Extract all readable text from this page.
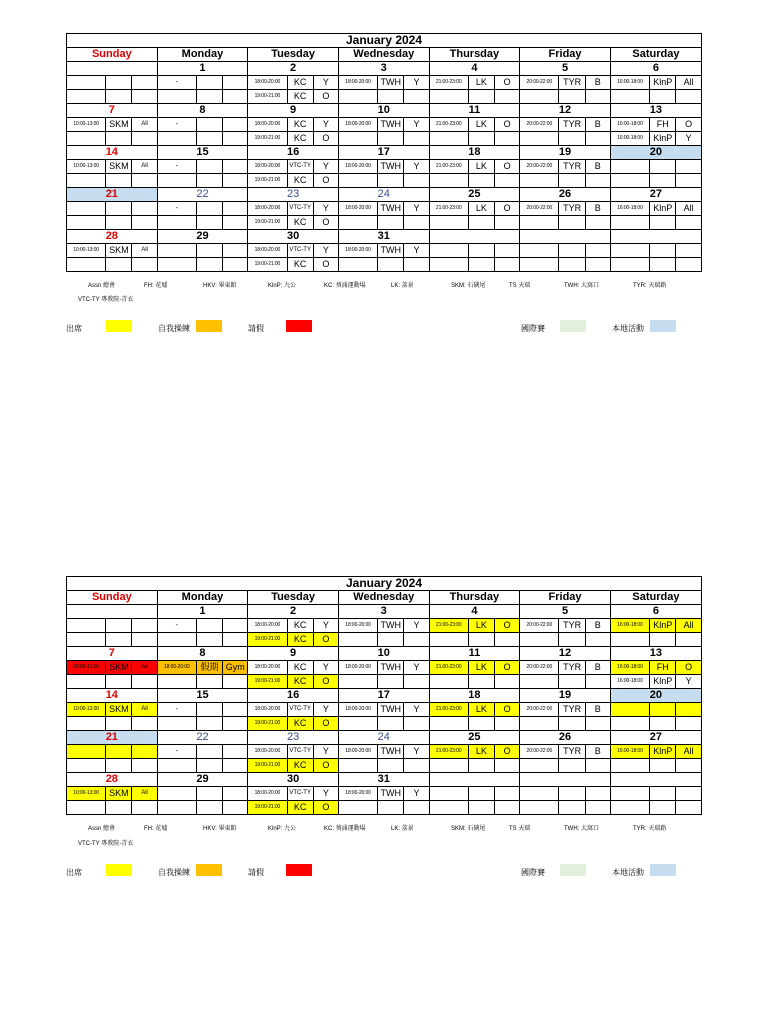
January 2024																				
Sunday			Monday			Tuesday			Wednesday			Thursday			Friday			Saturday		
			1			2			3			4			5			6		
			-			18:00-20:00	KC	Y	18:00-20:00	TWH	Y	21:00-23:00	LK	O	20:00-22:00	TYR	B	16:00-18:00	KlnP	All
						19:00-21:00	KC	O												
7			8			9			10			11			12			13		
10:00-13:00	SKM	All	-			18:00-20:00	KC	Y	18:00-20:00	TWH	Y	21:00-23:00	LK	O	20:00-22:00	TYR	B	16:00-18:00	FH	O
						19:00-21:00	KC	O										16:00-18:00	KlnP	Y
14			15			16			17			18			19			20		
10:00-13:00	SKM	All	-			18:00-20:00	VTC-TY	Y	18:00-20:00	TWH	Y	21:00-23:00	LK	O	20:00-22:00	TYR	B			
						19:00-21:00	KC	O												
21			22			23			24			25			26			27		
			-			18:00-20:00	VTC-TY	Y	18:00-20:00	TWH	Y	21:00-23:00	LK	O	20:00-22:00	TYR	B	16:00-18:00	KlnP	All
						19:00-21:00	KC	O												
28			29			30			31											
10:00-13:00	SKM	All				18:00-20:00	VTC-TY	Y	18:00-20:00	TWH	Y									
						19:00-21:00	KC	O												
Assn 總會	FH: 花墟	HKV: 畢東館	KlnP: 九公	KC: 葵涌運動場	LK: 荔景	SKM: 石硤尾	TS 天瑞	TWH: 大窩口	TYR: 天瑞路
VTC-TY 專教院-青衣
出席	自我操練	請假	國際賽	本地活動
January 2024																				
Sunday			Monday			Tuesday			Wednesday			Thursday			Friday			Saturday		
			1			2			3			4			5			6		
			-			18:00-20:00	KC	Y	18:00-20:00	TWH	Y	21:00-23:00	LK	O	20:00-22:00	TYR	B	16:00-18:00	KlnP	All
						19:00-21:00	KC	O												
7			8			9			10			11			12			13		
10:00-13:00	SKM	All	18:00-20:00	假期	Gym	18:00-20:00	KC	Y	18:00-20:00	TWH	Y	21:00-23:00	LK	O	20:00-22:00	TYR	B	16:00-18:00	FH	O
						19:00-21:00	KC	O										16:00-18:00	KlnP	Y
14			15			16			17			18			19			20		
10:00-13:00	SKM	All	-			18:00-20:00	VTC-TY	Y	18:00-20:00	TWH	Y	21:00-23:00	LK	O	20:00-22:00	TYR	B			
						19:00-21:00	KC	O												
21			22			23			24			25			26			27		
			-			18:00-20:00	VTC-TY	Y	18:00-20:00	TWH	Y	21:00-23:00	LK	O	20:00-22:00	TYR	B	16:00-18:00	KlnP	All
						19:00-21:00	KC	O												
28			29			30			31											
10:00-13:00	SKM	All				18:00-20:00	VTC-TY	Y	18:00-20:00	TWH	Y									
						19:00-21:00	KC	O												
Assn 總會	FH: 花墟	HKV: 畢東館	KlnP: 九公	KC: 葵涌運動場	LK: 荔景	SKM: 石硤尾	TS 天瑞	TWH: 大窩口	TYR: 天瑞路
VTC-TY 專教院-青衣
出席	自我操練	請假	國際賽	本地活動
